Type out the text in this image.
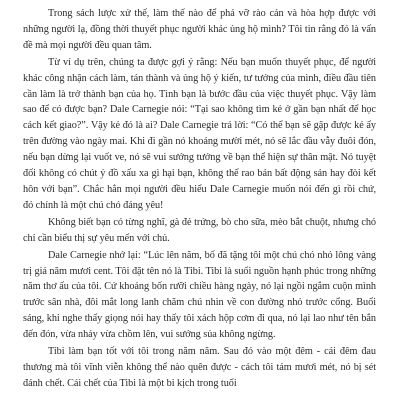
Trong sách lược xử thế, làm thế nào để phá vỡ rào cản và hòa hợp được với những người lạ, đồng thời thuyết phục người khác ủng hộ mình? Tôi tin rằng đó là vấn đề mà mọi người đều quan tâm.

Từ ví dụ trên, chúng ta được gợi ý rằng: Nếu bạn muốn thuyết phục, để người khác công nhận cách làm, tán thành và ủng hộ ý kiến, tư tưởng của mình, điều đầu tiên cần làm là trở thành bạn của họ. Tình bạn là bước đầu của việc thuyết phục. Vậy làm sao để có được bạn? Dale Carnegie nói: “Tại sao không tìm kẻ ở gần bạn nhất để học cách kết giao?”. Vậy kẻ đó là ai? Dale Carnegie trả lời: “Có thể bạn sẽ gặp được kẻ ấy trên đường vào ngày mai. Khi đi gần nó khoảng mười mét, nó sẽ lắc đầu vẫy đuôi đón, nếu bạn dừng lại vuốt ve, nó sẽ vui sướng tưởng về bạn thể hiện sự thân mật. Nó tuyệt đối không có chút ý đồ xấu xa gì hại bạn, không thể rao bán bất động sản hay đòi kết hôn với bạn”. Chắc hẳn mọi người đều hiểu Dale Carnegie muốn nói đến gì rồi chứ, đó chính là một chú chó đáng yêu!

Không biết bạn có từng nghĩ, gà đẻ trứng, bò cho sữa, mèo bắt chuột, nhưng chó chỉ cần biểu thị sự yêu mến với chủ.

Dale Carnegie nhớ lại: “Lúc lên năm, bố đã tặng tôi một chú chó nhỏ lông vàng trị giá năm mươi cent. Tôi đặt tên nó là Tibi. Tibi là suối nguồn hạnh phúc trong những năm thơ ấu của tôi. Cứ khoảng bốn rưỡi chiều hàng ngày, nó lại ngồi ngắm cuộn mình trước sân nhà, đôi mắt long lanh chăm chú nhìn về con đường nhỏ trước cổng. Buổi sáng, khi nghe thấy giọng nói hay thấy tôi xách hộp cơm đi qua, nó lại lao như tên bắn đến đón, vừa nhảy vừa chồm lên, vui sướng sủa không ngừng.

Tibi làm bạn tốt với tôi trong năm năm. Sau đó vào một đêm - cái đêm đau thương mà tôi vĩnh viễn không thể nào quên được - cách tôi tám mươi mét, nó bị sét đánh chết. Cái chết của Tibi là một bi kịch trong tuổi
